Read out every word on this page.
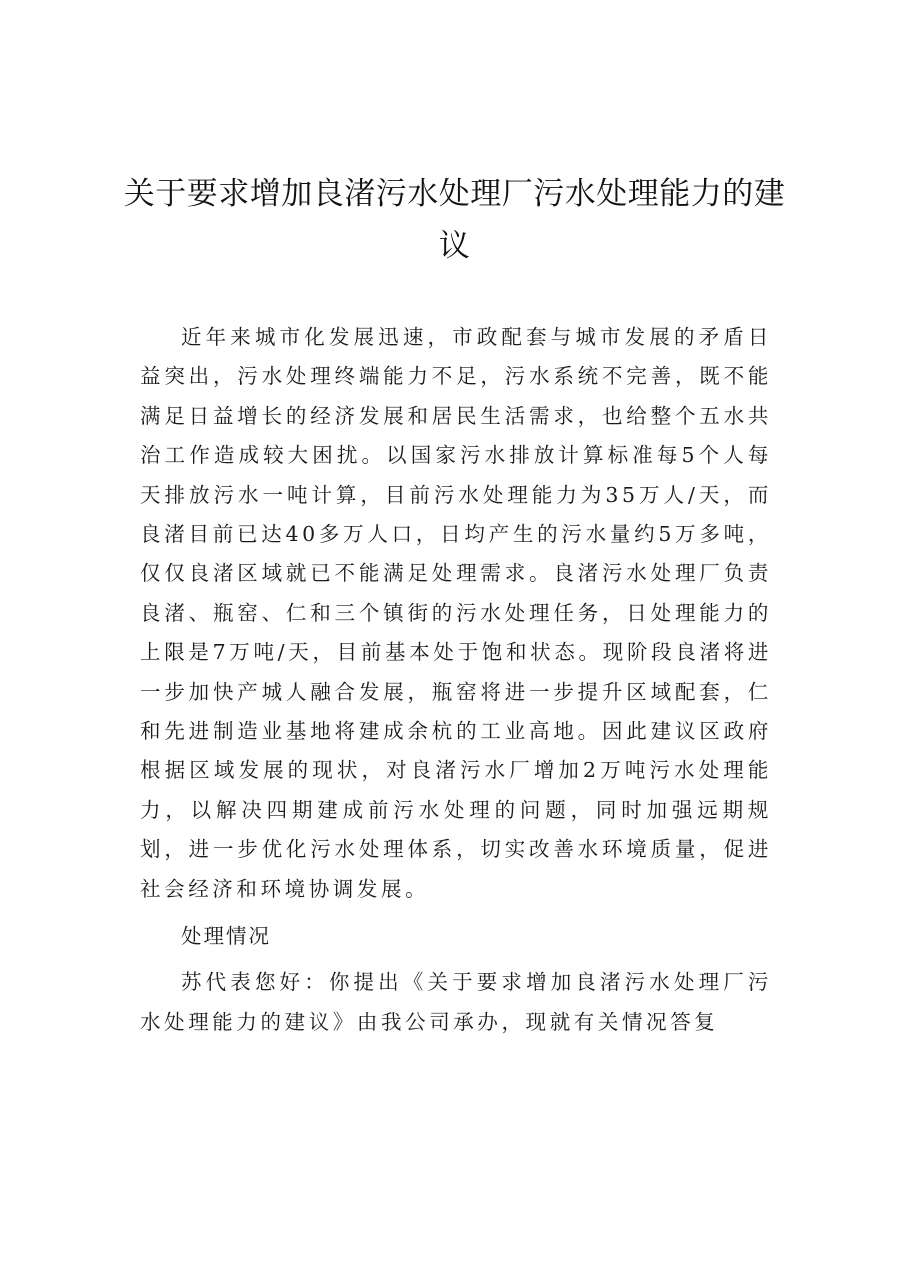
关于要求增加良渚污水处理厂污水处理能力的建议

近年来城市化发展迅速，市政配套与城市发展的矛盾日益突出，污水处理终端能力不足，污水系统不完善，既不能满足日益增长的经济发展和居民生活需求，也给整个五水共治工作造成较大困扰。以国家污水排放计算标准每5个人每天排放污水一吨计算，目前污水处理能力为35万人/天，而良渚目前已达40多万人口，日均产生的污水量约5万多吨，仅仅良渚区域就已不能满足处理需求。良渚污水处理厂负责良渚、瓶窑、仁和三个镇街的污水处理任务，日处理能力的上限是7万吨/天，目前基本处于饱和状态。现阶段良渚将进一步加快产城人融合发展，瓶窑将进一步提升区域配套，仁和先进制造业基地将建成余杭的工业高地。因此建议区政府根据区域发展的现状，对良渚污水厂增加2万吨污水处理能力，以解决四期建成前污水处理的问题，同时加强远期规划，进一步优化污水处理体系，切实改善水环境质量，促进社会经济和环境协调发展。

处理情况

苏代表您好：你提出《关于要求增加良渚污水处理厂污水处理能力的建议》由我公司承办，现就有关情况答复
